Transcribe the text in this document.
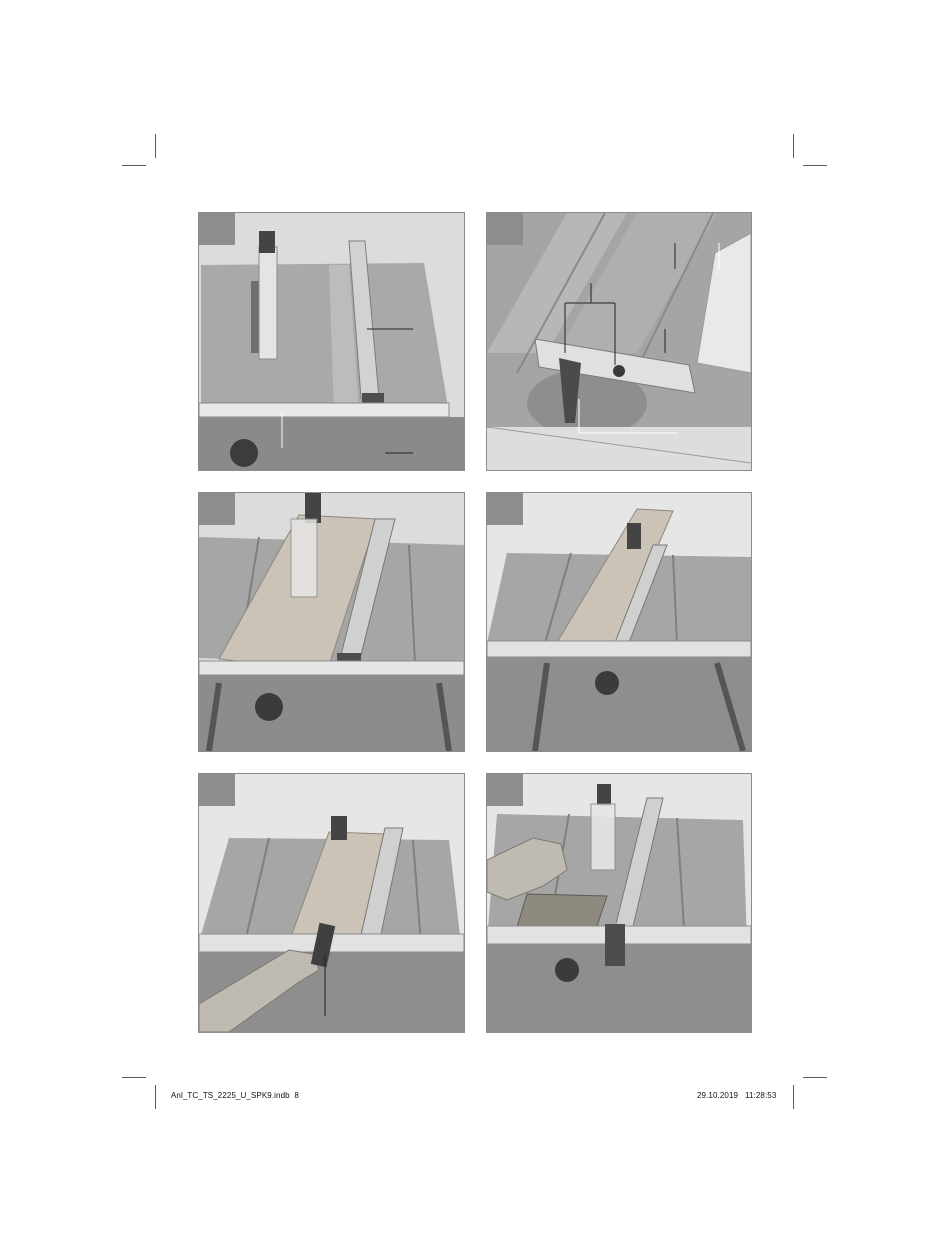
Anl_TC_TS_2225_U_SPK9.indb 8	29.10.2019 11:28:53
